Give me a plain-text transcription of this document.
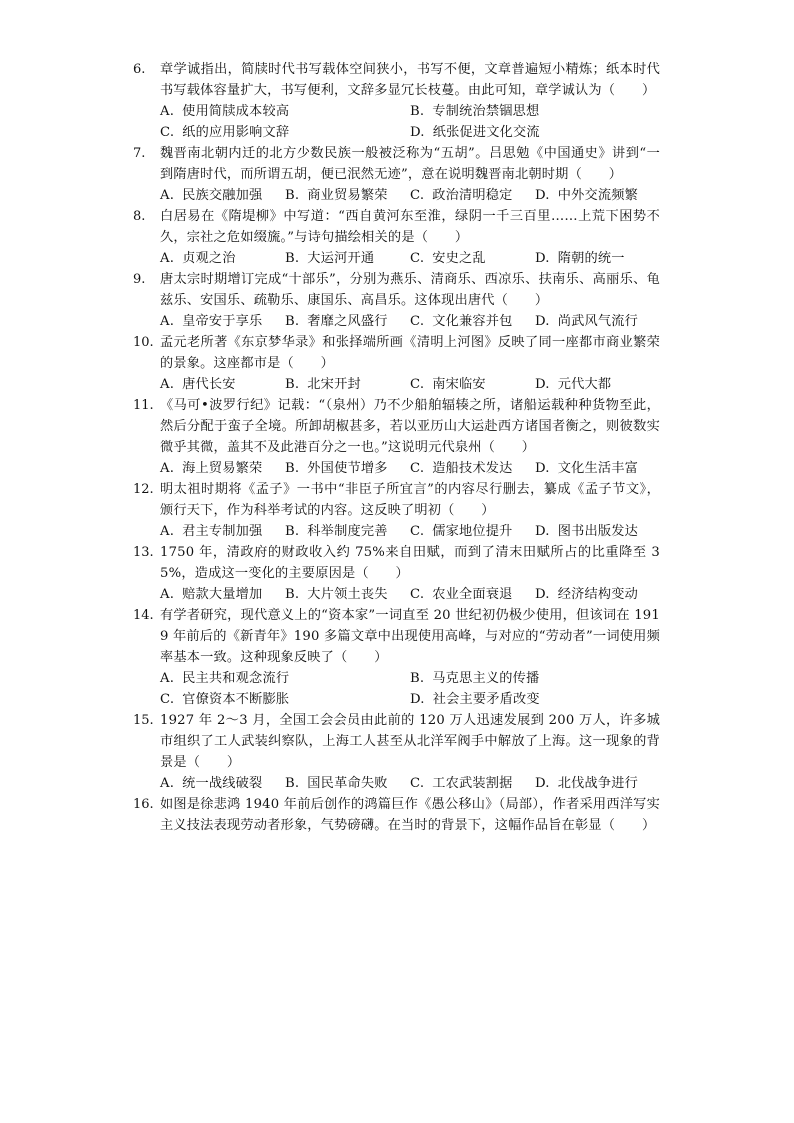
6.	章学诚指出，简牍时代书写载体空间狭小，书写不便，文章普遍短小精炼；纸本时代书写载体容量扩大，书写便利，文辞多显冗长枝蔓。由此可知，章学诚认为（　　）
A. 使用简牍成本较高	B. 专制统治禁锢思想
C. 纸的应用影响文辞	D. 纸张促进文化交流
7.	魏晋南北朝内迁的北方少数民族一般被泛称为“五胡”。吕思勉《中国通史》讲到“一到隋唐时代，而所谓五胡，便已泯然无迹”，意在说明魏晋南北朝时期（　　）
A. 民族交融加强 B. 商业贸易繁荣 C. 政治清明稳定 D. 中外交流频繁
8.	白居易在《隋堤柳》中写道：“西自黄河东至淮，绿阴一千三百里……上荒下困势不久，宗社之危如缀旒。”与诗句描绘相关的是（　　）
A. 贞观之治	B. 大运河开通	C. 安史之乱	D. 隋朝的统一
9.	唐太宗时期增订完成“十部乐”，分别为燕乐、清商乐、西凉乐、扶南乐、高丽乐、龟兹乐、安国乐、疏勒乐、康国乐、高昌乐。这体现出唐代（　　）
A. 皇帝安于享乐 B. 奢靡之风盛行 C. 文化兼容并包 D. 尚武风气流行
10. 孟元老所著《东京梦华录》和张择端所画《清明上河图》反映了同一座都市商业繁荣的景象。这座都市是（　　）
A. 唐代长安	B. 北宋开封	C. 南宋临安	D. 元代大都
11. 《马可•波罗行纪》记载：“（泉州）乃不少船舶辐辏之所，诸船运载种种货物至此，然后分配于蛮子全境。所卸胡椒甚多，若以亚历山大运赴西方诸国者衡之，则彼数实微乎其微，盖其不及此港百分之一也。”这说明元代泉州（　　）
A. 海上贸易繁荣 B. 外国使节增多 C. 造船技术发达 D. 文化生活丰富
12. 明太祖时期将《孟子》一书中“非臣子所宜言”的内容尽行删去，纂成《孟子节文》，颁行天下，作为科举考试的内容。这反映了明初（　　）
A. 君主专制加强 B. 科举制度完善 C. 儒家地位提升 D. 图书出版发达
13. 1750 年，清政府的财政收入约 75%来自田赋，而到了清末田赋所占的比重降至 35%，造成这一变化的主要原因是（　　）
A. 赔款大量增加 B. 大片领土丧失 C. 农业全面衰退 D. 经济结构变动
14. 有学者研究，现代意义上的“资本家”一词直至 20 世纪初仍极少使用，但该词在 1919 年前后的《新青年》190 多篇文章中出现使用高峰，与对应的“劳动者”一词使用频率基本一致。这种现象反映了（　　）
A. 民主共和观念流行	B. 马克思主义的传播
C. 官僚资本不断膨胀	D. 社会主要矛盾改变
15. 1927 年 2～3 月，全国工会会员由此前的 120 万人迅速发展到 200 万人，许多城市组织了工人武装纠察队，上海工人甚至从北洋军阀手中解放了上海。这一现象的背景是（　　）
A. 统一战线破裂 B. 国民革命失败 C. 工农武装割据 D. 北伐战争进行
16. 如图是徐悲鸿 1940 年前后创作的鸿篇巨作《愚公移山》（局部），作者采用西洋写实主义技法表现劳动者形象，气势磅礴。在当时的背景下，这幅作品旨在彰显（　　）
